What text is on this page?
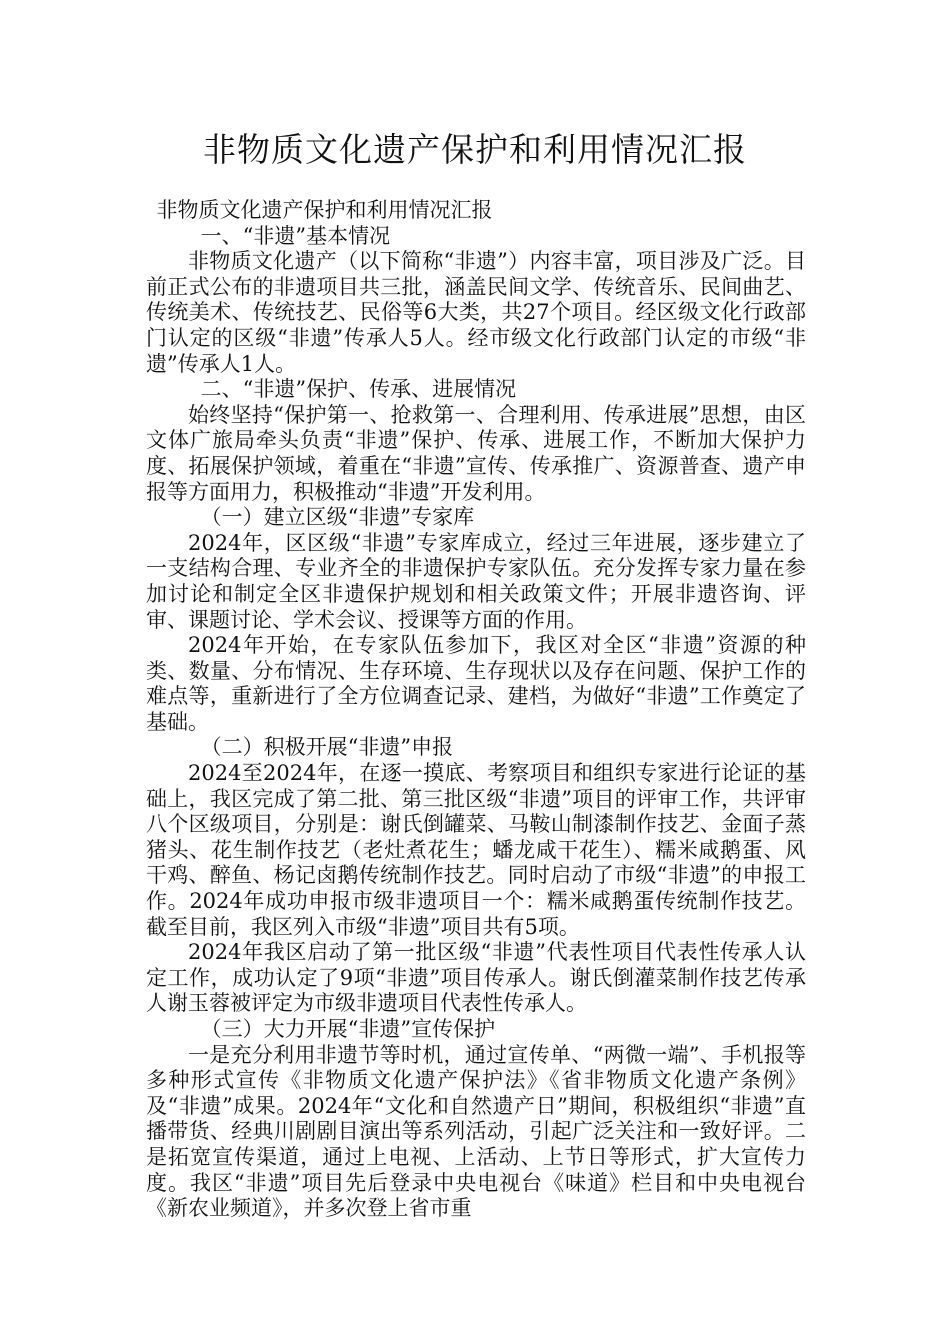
非物质文化遗产保护和利用情况汇报

非物质文化遗产保护和利用情况汇报

一、“非遗”基本情况

非物质文化遗产（以下简称“非遗”）内容丰富，项目涉及广泛。目前正式公布的非遗项目共三批，涵盖民间文学、传统音乐、民间曲艺、传统美术、传统技艺、民俗等6大类，共27个项目。经区级文化行政部门认定的区级“非遗”传承人5人。经市级文化行政部门认定的市级“非遗”传承人1人。

二、“非遗”保护、传承、进展情况

始终坚持“保护第一、抢救第一、合理利用、传承进展”思想，由区文体广旅局牵头负责“非遗”保护、传承、进展工作，不断加大保护力度、拓展保护领域，着重在“非遗”宣传、传承推广、资源普查、遗产申报等方面用力，积极推动“非遗”开发利用。

（一）建立区级“非遗”专家库

2024年，区区级“非遗”专家库成立，经过三年进展，逐步建立了一支结构合理、专业齐全的非遗保护专家队伍。充分发挥专家力量在参加讨论和制定全区非遗保护规划和相关政策文件；开展非遗咨询、评审、课题讨论、学术会议、授课等方面的作用。

2024年开始，在专家队伍参加下，我区对全区“非遗”资源的种类、数量、分布情况、生存环境、生存现状以及存在问题、保护工作的难点等，重新进行了全方位调查记录、建档，为做好“非遗”工作奠定了基础。

（二）积极开展“非遗”申报

2024至2024年，在逐一摸底、考察项目和组织专家进行论证的基础上，我区完成了第二批、第三批区级“非遗”项目的评审工作，共评审八个区级项目，分别是：谢氏倒罐菜、马鞍山制漆制作技艺、金面子蒸猪头、花生制作技艺（老灶煮花生；蟠龙咸干花生）、糯米咸鹅蛋、风干鸡、醉鱼、杨记卤鹅传统制作技艺。同时启动了市级“非遗”的申报工作。2024年成功申报市级非遗项目一个：糯米咸鹅蛋传统制作技艺。截至目前，我区列入市级“非遗”项目共有5项。

2024年我区启动了第一批区级“非遗”代表性项目代表性传承人认定工作，成功认定了9项“非遗”项目传承人。谢氏倒灌菜制作技艺传承人谢玉蓉被评定为市级非遗项目代表性传承人。

（三）大力开展“非遗”宣传保护

一是充分利用非遗节等时机，通过宣传单、“两微一端”、手机报等多种形式宣传《非物质文化遗产保护法》《省非物质文化遗产条例》及“非遗”成果。2024年“文化和自然遗产日”期间，积极组织“非遗”直播带货、经典川剧剧目演出等系列活动，引起广泛关注和一致好评。二是拓宽宣传渠道，通过上电视、上活动、上节日等形式，扩大宣传力度。我区“非遗”项目先后登录中央电视台《味道》栏目和中央电视台《新农业频道》，并多次登上省市重
